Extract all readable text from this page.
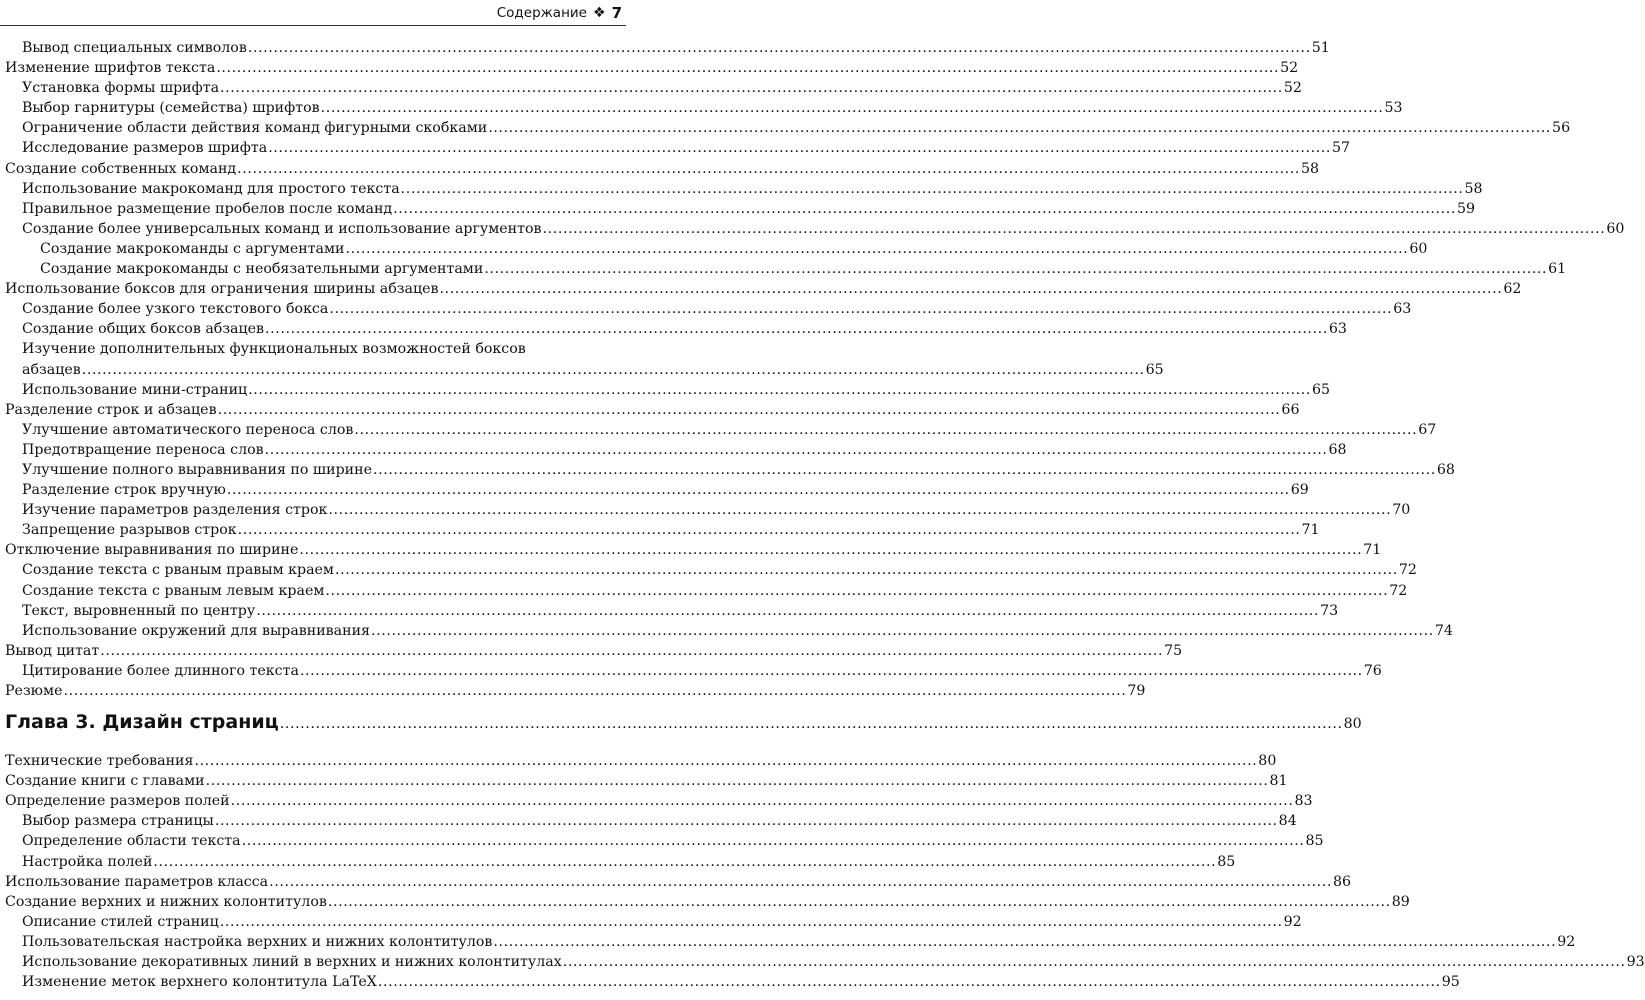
Содержание ❖ 7
Вывод специальных символов .....	51
Изменение шрифтов текста .....	52
Установка формы шрифта .....	52
Выбор гарнитуры (семейства) шрифтов .....	53
Ограничение области действия команд фигурными скобками .....	56
Исследование размеров шрифта .....	57
Создание собственных команд .....	58
Использование макрокоманд для простого текста .....	58
Правильное размещение пробелов после команд .....	59
Создание более универсальных команд и использование аргументов .....	60
Создание макрокоманды с аргументами .....	60
Создание макрокоманды с необязательными аргументами .....	61
Использование боксов для ограничения ширины абзацев .....	62
Создание более узкого текстового бокса .....	63
Создание общих боксов абзацев .....	63
Изучение дополнительных функциональных возможностей боксов
абзацев .....	65
Использование мини-страниц .....	65
Разделение строк и абзацев .....	66
Улучшение автоматического переноса слов .....	67
Предотвращение переноса слов .....	68
Улучшение полного выравнивания по ширине .....	68
Разделение строк вручную .....	69
Изучение параметров разделения строк .....	70
Запрещение разрывов строк .....	71
Отключение выравнивания по ширине .....	71
Создание текста с рваным правым краем .....	72
Создание текста с рваным левым краем .....	72
Текст, выровненный по центру .....	73
Использование окружений для выравнивания .....	74
Вывод цитат .....	75
Цитирование более длинного текста .....	76
Резюме .....	79
Глава 3. Дизайн страниц .....	80
Технические требования .....	80
Создание книги с главами .....	81
Определение размеров полей .....	83
Выбор размера страницы .....	84
Определение области текста .....	85
Настройка полей .....	85
Использование параметров класса .....	86
Создание верхних и нижних колонтитулов .....	89
Описание стилей страниц .....	92
Пользовательская настройка верхних и нижних колонтитулов .....	92
Использование декоративных линий в верхних и нижних колонтитулах .....	93
Изменение меток верхнего колонтитула LaTeX .....	95
